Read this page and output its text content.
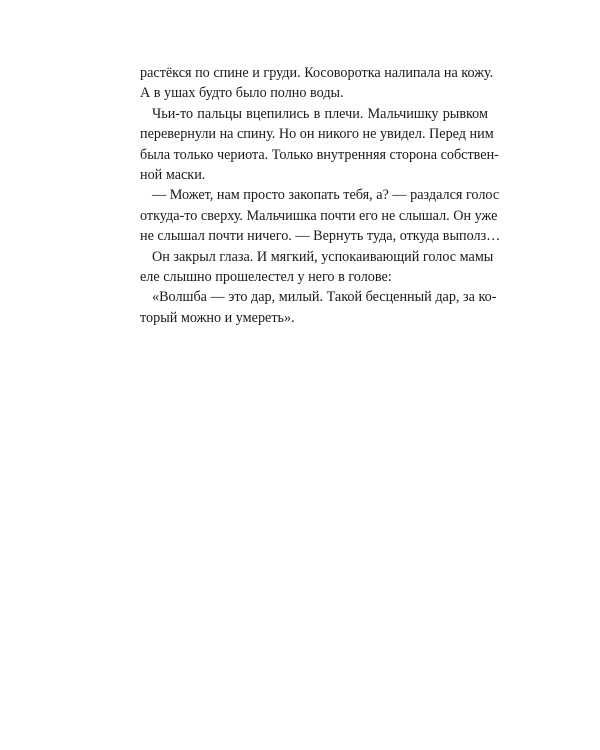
растёкся по спине и груди. Косоворотка налипала на кожу.
А в ушах будто было полно воды.
Чьи-то пальцы вцепились в плечи. Мальчишку рывком
перевернули на спину. Но он никого не увидел. Перед ним
была только чериота. Только внутренняя сторона собствен-
ной маски.
— Может, нам просто закопать тебя, а? — раздался голос
откуда-то сверху. Мальчишка почти его не слышал. Он уже
не слышал почти ничего. — Вернуть туда, откуда выполз…
Он закрыл глаза. И мягкий, успокаивающий голос мамы
еле слышно прошелестел у него в голове:
«Волшба — это дар, милый. Такой бесценный дар, за ко-
торый можно и умереть».
